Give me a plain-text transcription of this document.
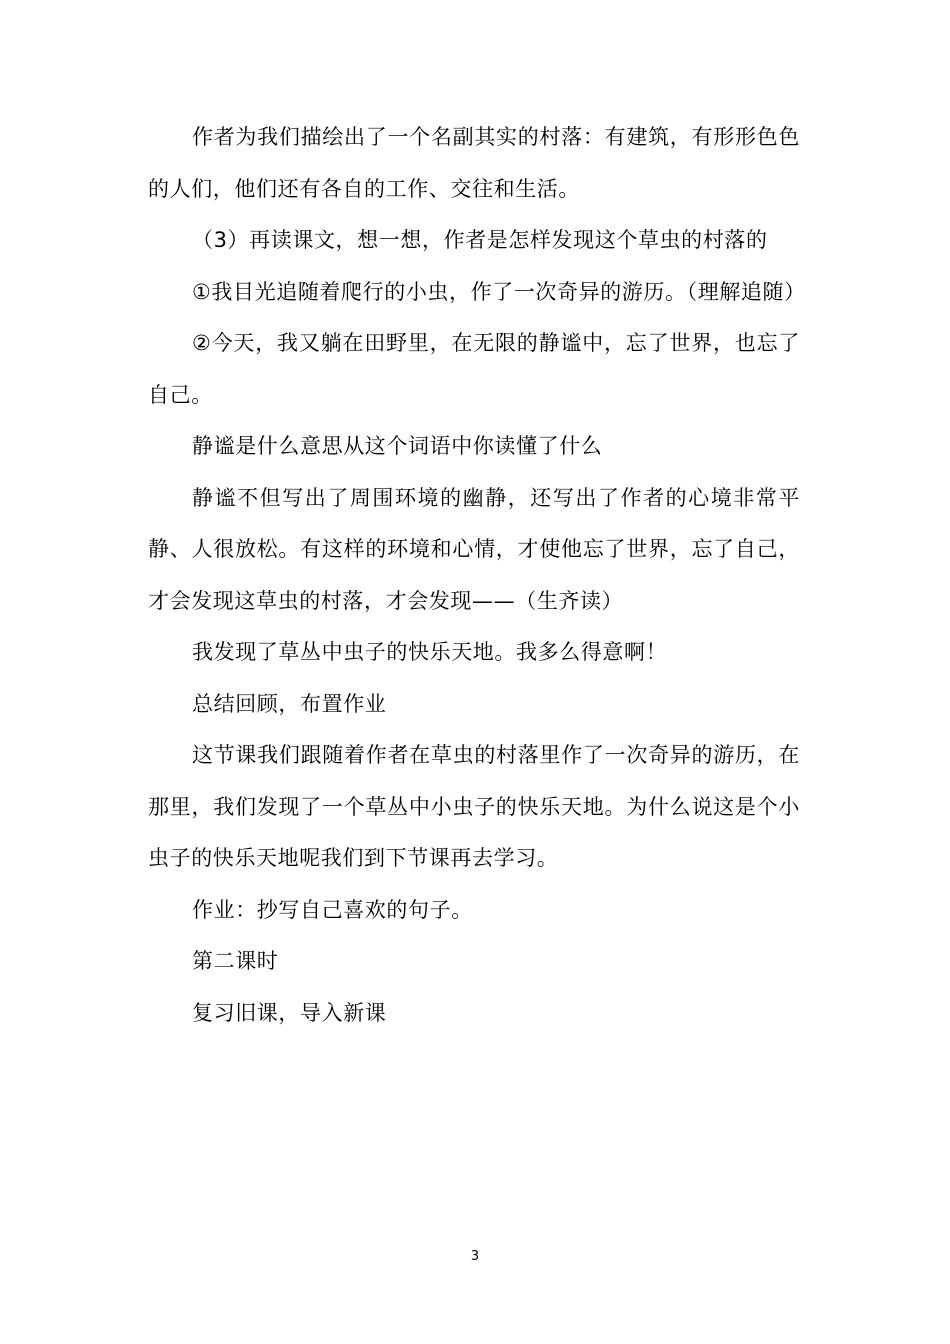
作者为我们描绘出了一个名副其实的村落：有建筑，有形形色色的人们，他们还有各自的工作、交往和生活。

（3）再读课文，想一想，作者是怎样发现这个草虫的村落的

①我目光追随着爬行的小虫，作了一次奇异的游历。（理解追随）

②今天，我又躺在田野里，在无限的静谧中，忘了世界，也忘了自己。

静谧是什么意思从这个词语中你读懂了什么

静谧不但写出了周围环境的幽静，还写出了作者的心境非常平静、人很放松。有这样的环境和心情，才使他忘了世界，忘了自己，才会发现这草虫的村落，才会发现——（生齐读）

我发现了草丛中虫子的快乐天地。我多么得意啊！

总结回顾，布置作业

这节课我们跟随着作者在草虫的村落里作了一次奇异的游历，在那里，我们发现了一个草丛中小虫子的快乐天地。为什么说这是个小虫子的快乐天地呢我们到下节课再去学习。

作业：抄写自己喜欢的句子。

第二课时

复习旧课，导入新课

3
